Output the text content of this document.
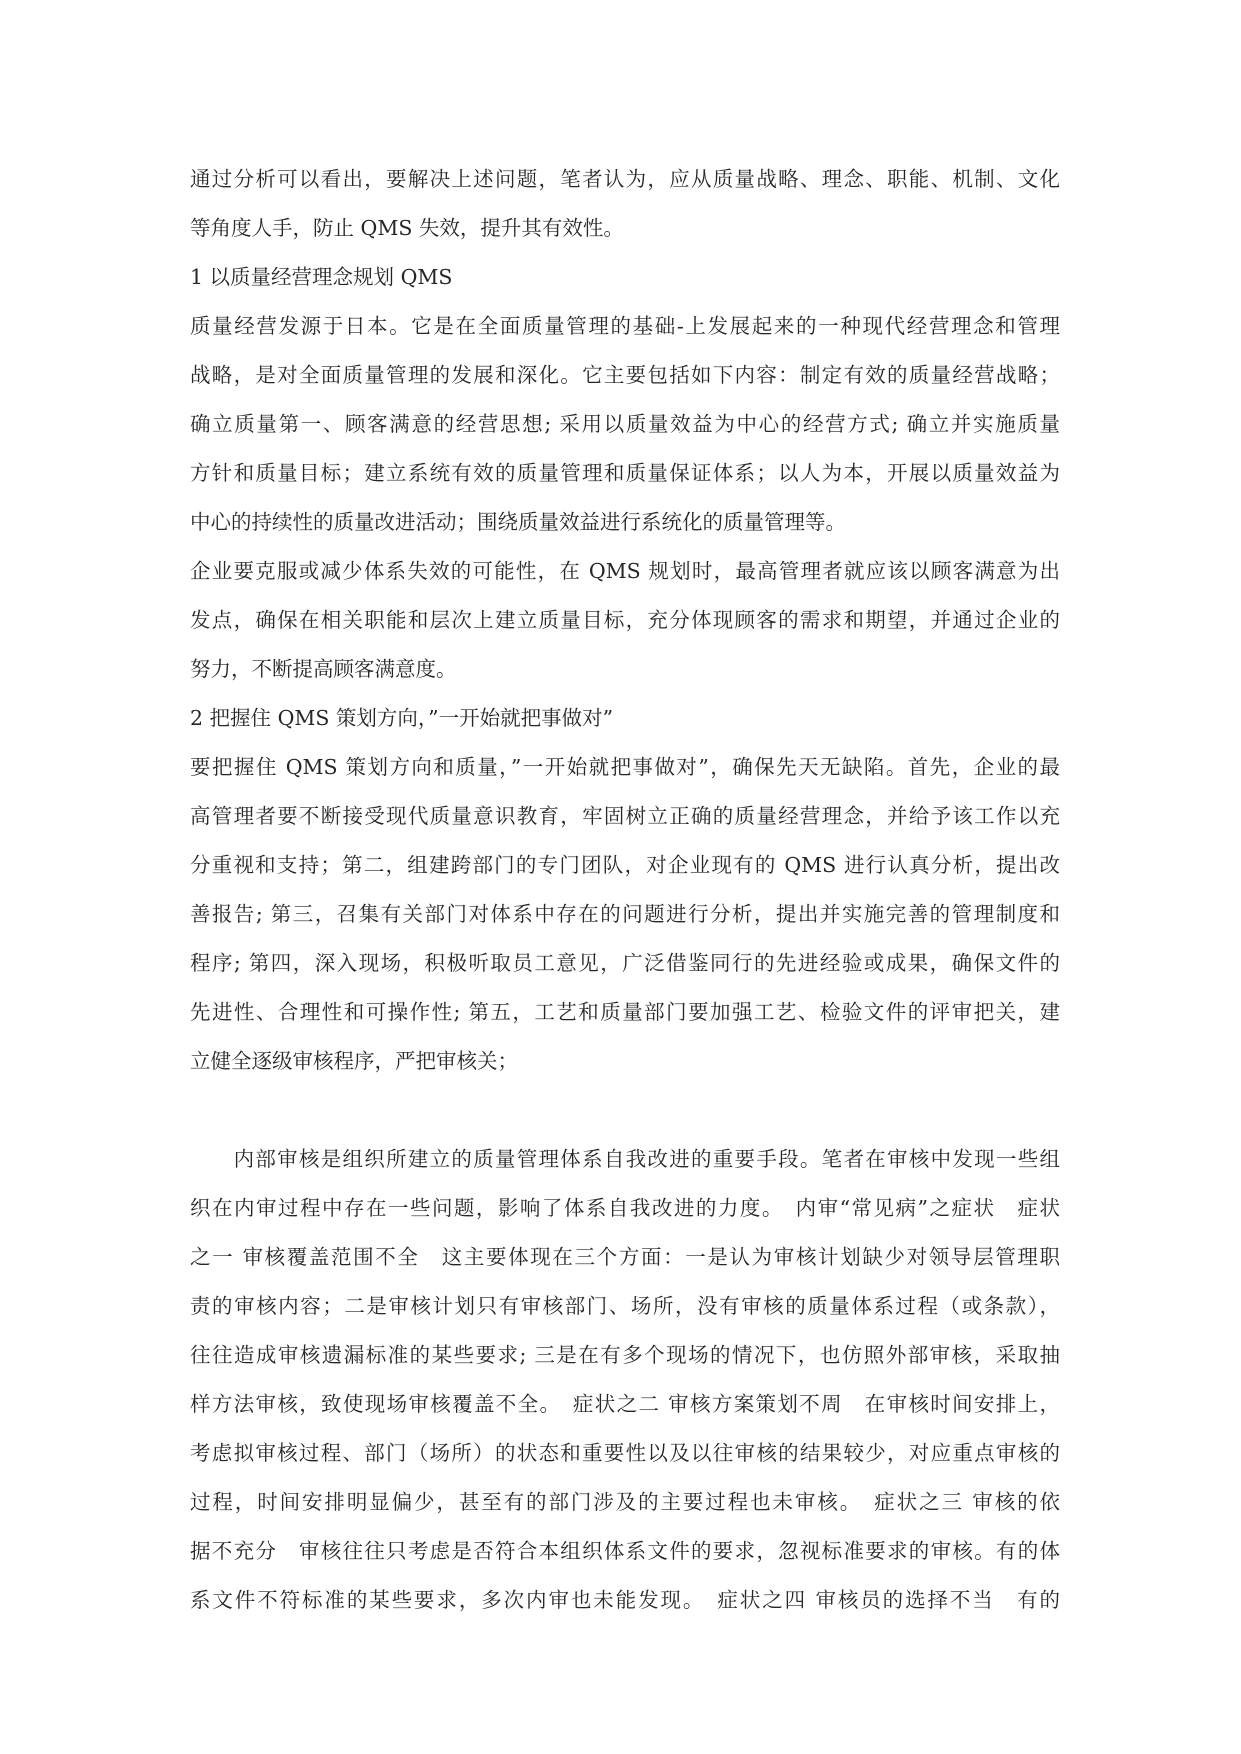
通过分析可以看出，要解决上述问题，笔者认为，应从质量战略、理念、职能、机制、文化
等角度人手，防止 QMS 失效，提升其有效性。
1 以质量经营理念规划 QMS
质量经营发源于日本。它是在全面质量管理的基础-上发展起来的一种现代经营理念和管理
战略，是对全面质量管理的发展和深化。它主要包括如下内容：制定有效的质量经营战略；
确立质量第一、顾客满意的经营思想; 采用以质量效益为中心的经营方式; 确立并实施质量
方针和质量目标；建立系统有效的质量管理和质量保证体系；以人为本，开展以质量效益为
中心的持续性的质量改进活动；围绕质量效益进行系统化的质量管理等。
企业要克服或减少体系失效的可能性，在 QMS 规划时，最高管理者就应该以顾客满意为出
发点，确保在相关职能和层次上建立质量目标，充分体现顾客的需求和期望，并通过企业的
努力，不断提高顾客满意度。
2 把握住 QMS 策划方向，”一开始就把事做对”
要把握住 QMS 策划方向和质量，”一开始就把事做对”，确保先天无缺陷。首先，企业的最
高管理者要不断接受现代质量意识教育，牢固树立正确的质量经营理念，并给予该工作以充
分重视和支持；第二，组建跨部门的专门团队，对企业现有的 QMS 进行认真分析，提出改
善报告; 第三，召集有关部门对体系中存在的问题进行分析，提出并实施完善的管理制度和
程序; 第四，深入现场，积极听取员工意见，广泛借鉴同行的先进经验或成果，确保文件的
先进性、合理性和可操作性; 第五，工艺和质量部门要加强工艺、检验文件的评审把关，建
立健全逐级审核程序，严把审核关；
　　内部审核是组织所建立的质量管理体系自我改进的重要手段。笔者在审核中发现一些组
织在内审过程中存在一些问题，影响了体系自我改进的力度。　内审“常见病”之症状　症状
之一 审核覆盖范围不全　这主要体现在三个方面：一是认为审核计划缺少对领导层管理职
责的审核内容；二是审核计划只有审核部门、场所，没有审核的质量体系过程（或条款），
往往造成审核遗漏标准的某些要求; 三是在有多个现场的情况下，也仿照外部审核，采取抽
样方法审核，致使现场审核覆盖不全。　症状之二 审核方案策划不周　在审核时间安排上，
考虑拟审核过程、部门（场所）的状态和重要性以及以往审核的结果较少，对应重点审核的
过程，时间安排明显偏少，甚至有的部门涉及的主要过程也未审核。　症状之三 审核的依
据不充分　审核往往只考虑是否符合本组织体系文件的要求，忽视标准要求的审核。有的体
系文件不符标准的某些要求，多次内审也未能发现。　症状之四 审核员的选择不当　有的
